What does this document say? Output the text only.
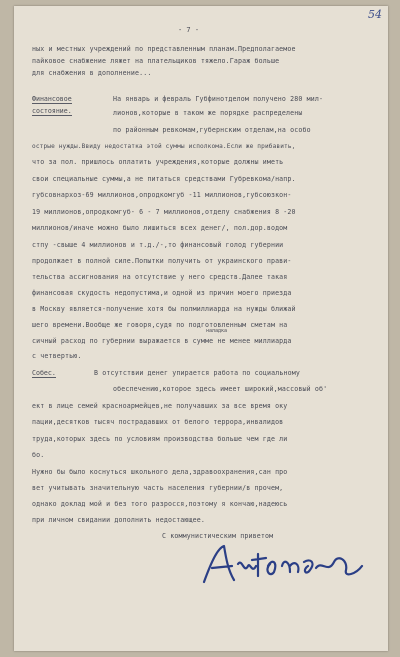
- 7 -
54
ных и местных учреждений по представленным планам.Предполагаемое
пайковое снабжение ляжет на плательщиков тяжело.Гараж больше
для снабжения в дополнение...
Финансовое
состояние.
На январь и февраль Губфинотделом получено 280 мил-
лионов,которые в таком же порядке распределены
по районным ревкомам,губернским отделам,на особо
острые нужды.Ввиду недостатка этой суммы исполкома.Если же прибавить,
что за пол. пришлось оплатить учреждения,которые должны иметь
свои специальные суммы,а не питаться средствами Губревкома/напр.
губсовнархоз-69 миллионов,опродкомгуб -11 миллионов,губсоюзкон-
19 миллионов,опродкомгуб- 6 - 7 миллионов,отделу снабжения 8 -20
миллионов/иначе можно было лишиться всех денег/, пол.дор.водом
стпу -свыше 4 миллионов и т.д./-,то финансовый голод губернии
продолжает в полной силе.Попытки получить от украинского прави-
тельства ассигнования на отсутствие у него средств.Далее такая
финансовая скудость недопустима,и одной из причин моего приезда
наладка
в Москву является-получение хотя бы полмиллиарда на нужды ближай
шего времени.Вообще же говоря,судя по подготовленным сметам на
сичный расход по губернии выражается в сумме не менее миллиарда
с четвертью.
Собес.	В отсутствии денег упирается работа по социальному
обеспечению,которое здесь имеет широкий,массовый об'
ект в лице семей красноармейцев,не получавших за все время оку
пации,десятков тысяч пострадавших от белого террора,инвалидов
труда,которых здесь по условиям производства больше чем где ли
бо.
Нужно бы было коснуться школьного дела,здравоохранения,сан про
вет учитывать значительную часть населения губернии/в прочем,
однако доклад мой и без того разросся,поэтому я кончаю,надеюсь
при личном свидании дополнить недостающее.
С коммунистическим приветом
